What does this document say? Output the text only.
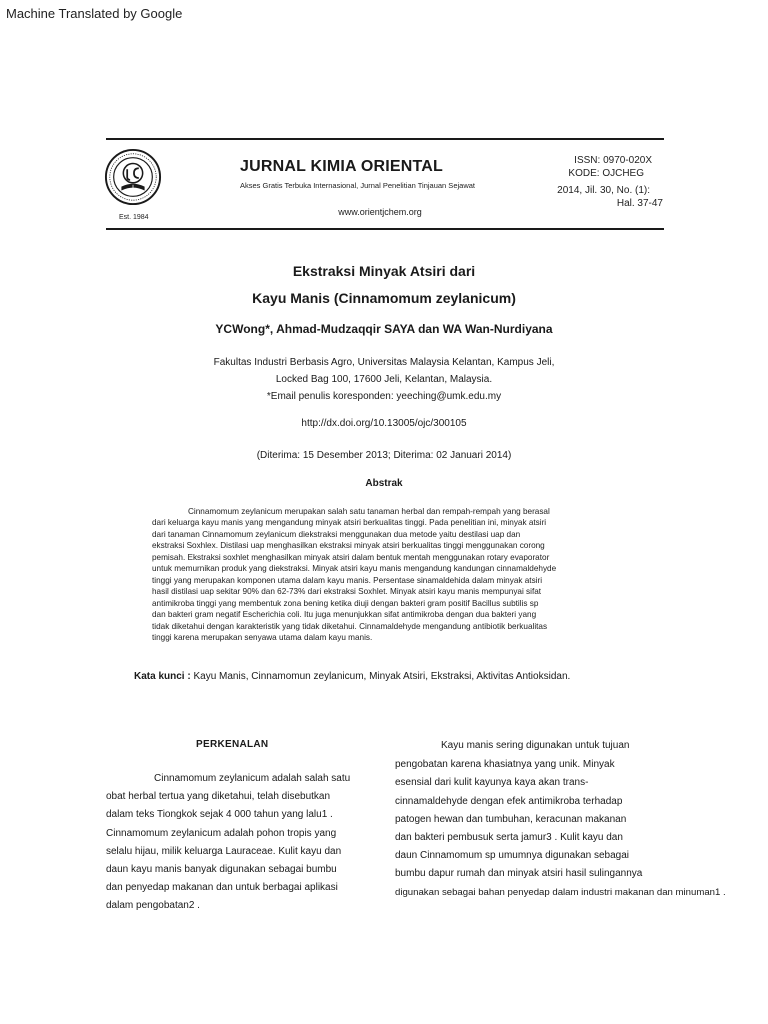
Machine Translated by Google
Est. 1984
JURNAL KIMIA ORIENTAL
Akses Gratis Terbuka Internasional, Jurnal Penelitian Tinjauan Sejawat
www.orientjchem.org
ISSN: 0970-020X
KODE: OJCHEG
2014, Jil. 30, No. (1):
Hal. 37-47
Ekstraksi Minyak Atsiri dari
Kayu Manis (Cinnamomum zeylanicum)
YCWong*, Ahmad-Mudzaqqir SAYA dan WA Wan-Nurdiyana
Fakultas Industri Berbasis Agro, Universitas Malaysia Kelantan, Kampus Jeli,
Locked Bag 100, 17600 Jeli, Kelantan, Malaysia.
*Email penulis koresponden: yeeching@umk.edu.my
http://dx.doi.org/10.13005/ojc/300105
(Diterima: 15 Desember 2013; Diterima: 02 Januari 2014)
Abstrak
Cinnamomum zeylanicum merupakan salah satu tanaman herbal dan rempah-rempah yang berasal
dari keluarga kayu manis yang mengandung minyak atsiri berkualitas tinggi. Pada penelitian ini, minyak atsiri
dari tanaman Cinnamomum zeylanicum diekstraksi menggunakan dua metode yaitu destilasi uap dan
ekstraksi Soxhlex. Distilasi uap menghasilkan ekstraksi minyak atsiri berkualitas tinggi menggunakan corong
pemisah. Ekstraksi soxhlet menghasilkan minyak atsiri dalam bentuk mentah menggunakan rotary evaporator
untuk memurnikan produk yang diekstraksi. Minyak atsiri kayu manis mengandung kandungan cinnamaldehyde
tinggi yang merupakan komponen utama dalam kayu manis. Persentase sinamaldehida dalam minyak atsiri
hasil distilasi uap sekitar 90% dan 62-73% dari ekstraksi Soxhlet. Minyak atsiri kayu manis mempunyai sifat
antimikroba tinggi yang membentuk zona bening ketika diuji dengan bakteri gram positif Bacillus subtilis sp
dan bakteri gram negatif Escherichia coli. Itu juga menunjukkan sifat antimikroba dengan dua bakteri yang
tidak diketahui dengan karakteristik yang tidak diketahui. Cinnamaldehyde mengandung antibiotik berkualitas
tinggi karena merupakan senyawa utama dalam kayu manis.
Kata kunci : Kayu Manis, Cinnamomun zeylanicum, Minyak Atsiri, Ekstraksi, Aktivitas Antioksidan.
PERKENALAN
Cinnamomum zeylanicum adalah salah satu
obat herbal tertua yang diketahui, telah disebutkan
dalam teks Tiongkok sejak 4 000 tahun yang lalu1 .
Cinnamomum zeylanicum adalah pohon tropis yang
selalu hijau, milik keluarga Lauraceae. Kulit kayu dan
daun kayu manis banyak digunakan sebagai bumbu
dan penyedap makanan dan untuk berbagai aplikasi
dalam pengobatan2 .
Kayu manis sering digunakan untuk tujuan
pengobatan karena khasiatnya yang unik. Minyak
esensial dari kulit kayunya kaya akan trans-
cinnamaldehyde dengan efek antimikroba terhadap
patogen hewan dan tumbuhan, keracunan makanan
dan bakteri pembusuk serta jamur3 . Kulit kayu dan
daun Cinnamomum sp umumnya digunakan sebagai
bumbu dapur rumah dan minyak atsiri hasil sulingannya
digunakan sebagai bahan penyedap dalam industri makanan dan minuman1 .
